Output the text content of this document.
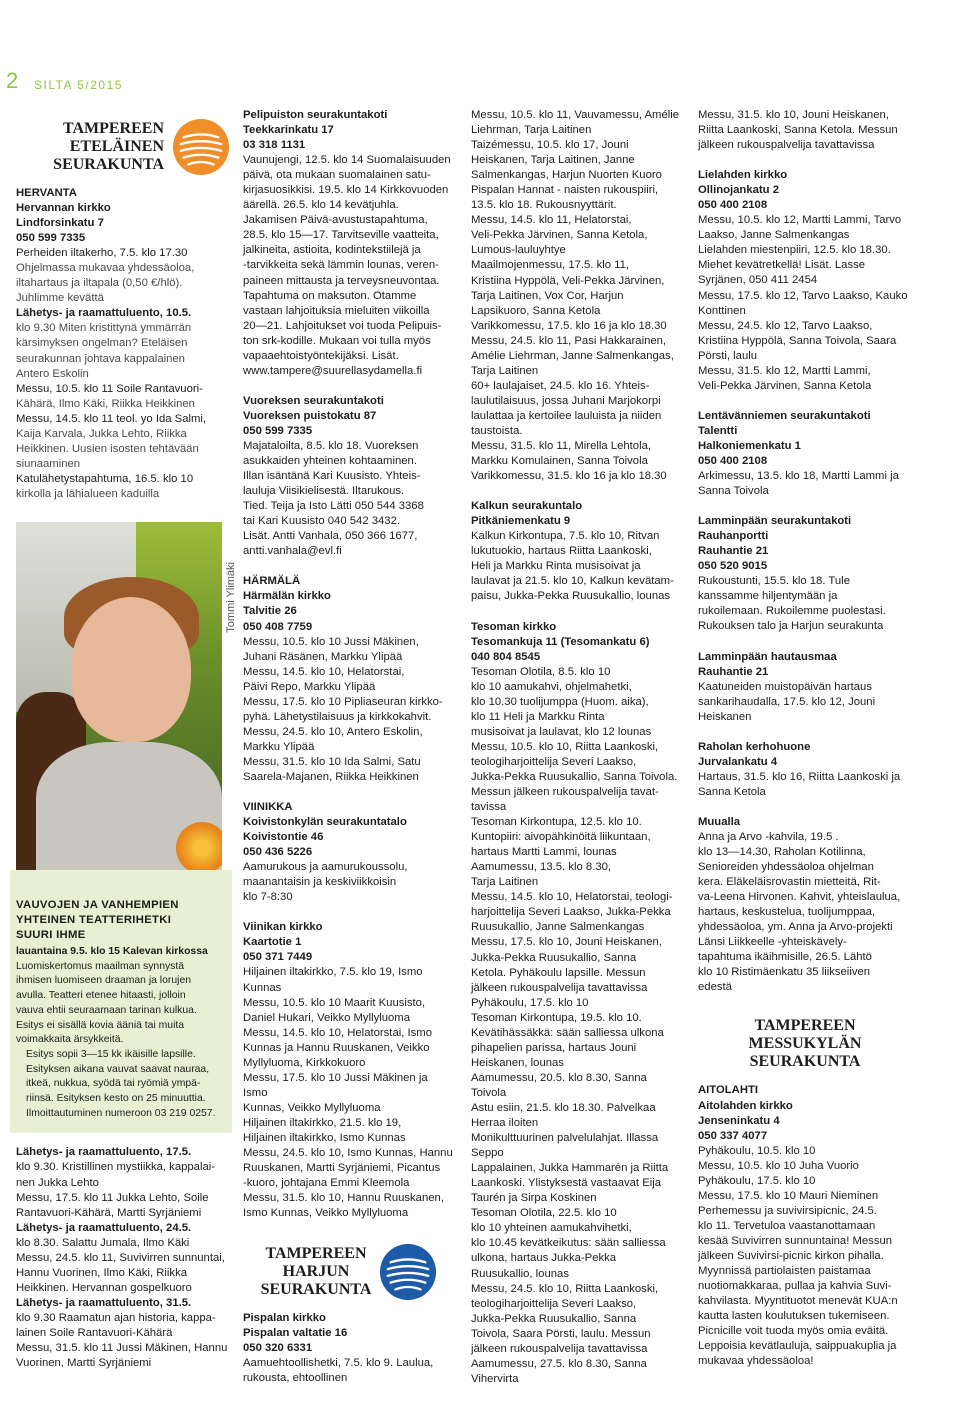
2 SILTA 5/2015
TAMPEREEN
ETELÄINEN
SEURAKUNTA
HERVANTA
Hervannan kirkko
Lindforsinkatu 7
050 599 7335
Perheiden iltakerho, 7.5. klo 17.30
Ohjelmassa mukavaa yhdessäoloa,
iltahartaus ja iltapala (0,50 €/hlö).
Juhlimme kevättä
Lähetys- ja raamattuluento, 10.5.
klo 9.30 Miten kristittynä ymmärrän
kärsimyksen ongelman? Eteläisen
seurakunnan johtava kappalainen
Antero Eskolin
Messu, 10.5. klo 11 Soile Rantavuori-
Kähärä, Ilmo Käki, Riikka Heikkinen
Messu, 14.5. klo 11 teol. yo Ida Salmi,
Kaija Karvala, Jukka Lehto, Riikka
Heikkinen. Uusien isosten tehtävään
siunaaminen
Katulähetystapahtuma, 16.5. klo 10
kirkolla ja lähialueen kaduilla
Tommi Ylimäki
VAUVOJEN JA VANHEMPIEN
YHTEINEN TEATTERIHETKI
SUURI IHME
lauantaina 9.5. klo 15 Kalevan kirkossa
Luomiskertomus maailman synnystä
ihmisen luomiseen draaman ja lorujen
avulla. Teatteri etenee hitaasti, jolloin
vauva ehtii seuraamaan tarinan kulkua.
Esitys ei sisällä kovia ääniä tai muita
voimakkaita ärsykkeitä.
Esitys sopii 3—15 kk ikäisille lapsille.
Esityksen aikana vauvat saavat nauraa,
itkeä, nukkua, syödä tai ryömiä ympä-
riinsä. Esityksen kesto on 25 minuuttia.
Ilmoittautuminen numeroon 03 219 0257.
Lähetys- ja raamattuluento, 17.5.
klo 9.30. Kristillinen mystiikka, kappalai-
nen Jukka Lehto
Messu, 17.5. klo 11 Jukka Lehto, Soile
Rantavuori-Kähärä, Martti Syrjäniemi
Lähetys- ja raamattuluento, 24.5.
klo 8.30. Salattu Jumala, Ilmo Käki
Messu, 24.5. klo 11, Suvivirren sunnuntai,
Hannu Vuorinen, Ilmo Käki, Riikka
Heikkinen. Hervannan gospelkuoro
Lähetys- ja raamattuluento, 31.5.
klo 9.30 Raamatun ajan historia, kappa-
lainen Soile Rantavuori-Kähärä
Messu, 31.5. klo 11 Jussi Mäkinen, Hannu
Vuorinen, Martti Syrjäniemi
Pelipuiston seurakuntakoti
Teekkarinkatu 17
03 318 1131
Vaunujengi, 12.5. klo 14 Suomalaisuuden
päivä, ota mukaan suomalainen satu-
kirjasuosikkisi. 19.5. klo 14 Kirkkovuoden
äärellä. 26.5. klo 14 kevätjuhla.
Jakamisen Päivä-avustustapahtuma,
28.5. klo 15—17. Tarvitseville vaatteita,
jalkineita, astioita, kodintekstiilejä ja
-tarvikkeita sekä lämmin lounas, veren-
paineen mittausta ja terveysneuvontaa.
Tapahtuma on maksuton. Otamme
vastaan lahjoituksia mieluiten viikoilla
20—21. Lahjoitukset voi tuoda Pelipuis-
ton srk-kodille. Mukaan voi tulla myös
vapaaehtoistyöntekijäksi. Lisät.
www.tampere@suurellasydamella.fi
Vuoreksen seurakuntakoti
Vuoreksen puistokatu 87
050 599 7335
Majataloilta, 8.5. klo 18. Vuoreksen
asukkaiden yhteinen kohtaaminen.
Illan isäntänä Kari Kuusisto. Yhteis-
lauluja Viisikielisestä. Iltarukous.
Tied. Teija ja Isto Lätti 050 544 3368
tai Kari Kuusisto 040 542 3432.
Lisät. Antti Vanhala, 050 366 1677,
antti.vanhala@evl.fi
HÄRMÄLÄ
Härmälän kirkko
Talvitie 26
050 408 7759
Messu, 10.5. klo 10 Jussi Mäkinen,
Juhani Räsänen, Markku Ylipää
Messu, 14.5. klo 10, Helatorstai,
Päivi Repo, Markku Ylipää
Messu, 17.5. klo 10 Pipliaseuran kirkko-
pyhä. Lähetystilaisuus ja kirkkokahvit.
Messu, 24.5. klo 10, Antero Eskolin,
Markku Ylipää
Messu, 31.5. klo 10 Ida Salmi, Satu
Saarela-Majanen, Riikka Heikkinen
VIINIKKA
Koivistonkylän seurakuntatalo
Koivistontie 46
050 436 5226
Aamurukous ja aamurukoussolu,
maanantaisin ja keskiviikkoisin
klo 7-8:30
Viinikan kirkko
Kaartotie 1
050 371 7449
Hiljainen iltakirkko, 7.5. klo 19, Ismo
Kunnas
Messu, 10.5. klo 10 Maarit Kuusisto,
Daniel Hukari, Veikko Myllyluoma
Messu, 14.5. klo 10, Helatorstai, Ismo
Kunnas ja Hannu Ruuskanen, Veikko
Myllyluoma, Kirkkokuoro
Messu, 17.5. klo 10 Jussi Mäkinen ja Ismo
Kunnas, Veikko Myllyluoma
Hiljainen iltakirkko, 21.5. klo 19,
Hiljainen iltakirkko, Ismo Kunnas
Messu, 24.5. klo 10, Ismo Kunnas, Hannu
Ruuskanen, Martti Syrjäniemi, Picantus
-kuoro, johtajana Emmi Kleemola
Messu, 31.5. klo 10, Hannu Ruuskanen,
Ismo Kunnas, Veikko Myllyluoma
TAMPEREEN
HARJUN
SEURAKUNTA
Pispalan kirkko
Pispalan valtatie 16
050 320 6331
Aamuehtoollishetki, 7.5. klo 9. Laulua,
rukousta, ehtoollinen
Messu, 10.5. klo 11, Vauvamessu, Amélie
Liehrman, Tarja Laitinen
Taizémessu, 10.5. klo 17, Jouni
Heiskanen, Tarja Laitinen, Janne
Salmenkangas, Harjun Nuorten Kuoro
Pispalan Hannat - naisten rukouspiiri,
13.5. klo 18. Rukousnyyttärit.
Messu, 14.5. klo 11, Helatorstai,
Veli-Pekka Järvinen, Sanna Ketola,
Lumous-lauluyhtye
Maailmojenmessu, 17.5. klo 11,
Kristiina Hyppölä, Veli-Pekka Järvinen,
Tarja Laitinen, Vox Cor, Harjun
Lapsikuoro, Sanna Ketola
Varikkomessu, 17.5. klo 16 ja klo 18.30
Messu, 24.5. klo 11, Pasi Hakkarainen,
Amélie Liehrman, Janne Salmenkangas,
Tarja Laitinen
60+ laulajaiset, 24.5. klo 16. Yhteis-
laulutilaisuus, jossa Juhani Marjokorpi
laulattaa ja kertoilee lauluista ja niiden
taustoista.
Messu, 31.5. klo 11, Mirella Lehtola,
Markku Komulainen, Sanna Toivola
Varikkomessu, 31.5. klo 16 ja klo 18.30
Kalkun seurakuntalo
Pitkäniemenkatu 9
Kalkun Kirkontupa, 7.5. klo 10, Ritvan
lukutuokio, hartaus Riitta Laankoski,
Heli ja Markku Rinta musisoivat ja
laulavat ja 21.5. klo 10, Kalkun kevätam-
paisu, Jukka-Pekka Ruusukallio, lounas
Tesoman kirkko
Tesomankuja 11 (Tesomankatu 6)
040 804 8545
Tesoman Olotila, 8.5. klo 10
klo 10 aamukahvi, ohjelmahetki,
klo 10.30 tuolijumppa (Huom. aika),
klo 11 Heli ja Markku Rinta
musisoivat ja laulavat, klo 12 lounas
Messu, 10.5. klo 10, Riitta Laankoski,
teologiharjoittelija Severi Laakso,
Jukka-Pekka Ruusukallio, Sanna Toivola.
Messun jälkeen rukouspalvelija tavat-
tavissa
Tesoman Kirkontupa, 12.5. klo 10.
Kuntopiiri: aivopähkinöitä liikuntaan,
hartaus Martti Lammi, lounas
Aamumessu, 13.5. klo 8.30,
Tarja Laitinen
Messu, 14.5. klo 10, Helatorstai, teologi-
harjoittelija Severi Laakso, Jukka-Pekka
Ruusukallio, Janne Salmenkangas
Messu, 17.5. klo 10, Jouni Heiskanen,
Jukka-Pekka Ruusukallio, Sanna
Ketola. Pyhäkoulu lapsille. Messun
jälkeen rukouspalvelija tavattavissa
Pyhäkoulu, 17.5. klo 10
Tesoman Kirkontupa, 19.5. klo 10.
Kevätihässäkkä: sään salliessa ulkona
pihapelien parissa, hartaus Jouni
Heiskanen, lounas
Aamumessu, 20.5. klo 8.30, Sanna
Toivola
Astu esiin, 21.5. klo 18.30. Palvelkaa
Herraa iloiten
Monikulttuurinen palvelulahjat. Illassa Seppo
Lappalainen, Jukka Hammarén ja Riitta
Laankoski. Ylistyksestä vastaavat Eija
Taurén ja Sirpa Koskinen
Tesoman Olotila, 22.5. klo 10
klo 10 yhteinen aamukahvihetki,
klo 10.45 kevätkeikutus: sään salliessa
ulkona, hartaus Jukka-Pekka
Ruusukallio, lounas
Messu, 24.5. klo 10, Riitta Laankoski,
teologiharjoittelija Severi Laakso,
Jukka-Pekka Ruusukallio, Sanna
Toivola, Saara Pörsti, laulu. Messun
jälkeen rukouspalvelija tavattavissa
Aamumessu, 27.5. klo 8.30, Sanna
Vihervirta
Messu, 31.5. klo 10, Jouni Heiskanen,
Riitta Laankoski, Sanna Ketola. Messun
jälkeen rukouspalvelija tavattavissa
Lielahden kirkko
Ollinojankatu 2
050 400 2108
Messu, 10.5. klo 12, Martti Lammi, Tarvo
Laakso, Janne Salmenkangas
Lielahden miestenpiiri, 12.5. klo 18.30.
Miehet kevätretkellä! Lisät. Lasse
Syrjänen, 050 411 2454
Messu, 17.5. klo 12, Tarvo Laakso, Kauko
Konttinen
Messu, 24.5. klo 12, Tarvo Laakso,
Kristiina Hyppölä, Sanna Toivola, Saara
Pörsti, laulu
Messu, 31.5. klo 12, Martti Lammi,
Veli-Pekka Järvinen, Sanna Ketola
Lentävänniemen seurakuntakoti
Talentti
Halkoniemenkatu 1
050 400 2108
Arkimessu, 13.5. klo 18, Martti Lammi ja
Sanna Toivola
Lamminpään seurakuntakoti
Rauhanportti
Rauhantie 21
050 520 9015
Rukoustunti, 15.5. klo 18. Tule
kanssamme hiljentymään ja
rukoilemaan. Rukoilemme puolestasi.
Rukouksen talo ja Harjun seurakunta
Lamminpään hautausmaa
Rauhantie 21
Kaatuneiden muistopäivän hartaus
sankarihaudalla, 17.5. klo 12, Jouni
Heiskanen
Raholan kerhohuone
Jurvalankatu 4
Hartaus, 31.5. klo 16, Riitta Laankoski ja
Sanna Ketola
Muualla
Anna ja Arvo -kahvila, 19.5 .
klo 13—14.30, Raholan Kotilinna,
Senioreiden yhdessäoloa ohjelman
kera. Eläkeläisrovastin mietteitä, Rit-
va-Leena Hirvonen. Kahvit, yhteislaulua,
hartaus, keskustelua, tuolijumppaa,
yhdessäoloa, ym. Anna ja Arvo-projekti
Länsi Liikkeelle -yhteiskävely-
tapahtuma ikäihmisille, 26.5. Lähtö
klo 10 Ristimäenkatu 35 liikseiiven
edestä
TAMPEREEN
MESSUKYLÄN
SEURAKUNTA
AITOLAHTI
Aitolahden kirkko
Jenseninkatu 4
050 337 4077
Pyhäkoulu, 10.5. klo 10
Messu, 10.5. klo 10 Juha Vuorio
Pyhäkoulu, 17.5. klo 10
Messu, 17.5. klo 10 Mauri Nieminen
Perhemessu ja suvivirsipicnic, 24.5.
klo 11. Tervetuloa vaastanottamaan
kesää Suvivirren sunnuntaina! Messun
jälkeen Suvivirsi-picnic kirkon pihalla.
Myynnissä partiolaisten paistamaa
nuotiomakkaraa, pullaa ja kahvia Suvi-
kahvilasta. Myyntituotot menevät KUA:n
kautta lasten koulutuksen tukemiseen.
Picnicille voit tuoda myös omia eväitä.
Leppoisia kevätlauluja, saippuakuplia ja
mukavaa yhdessäoloa!
